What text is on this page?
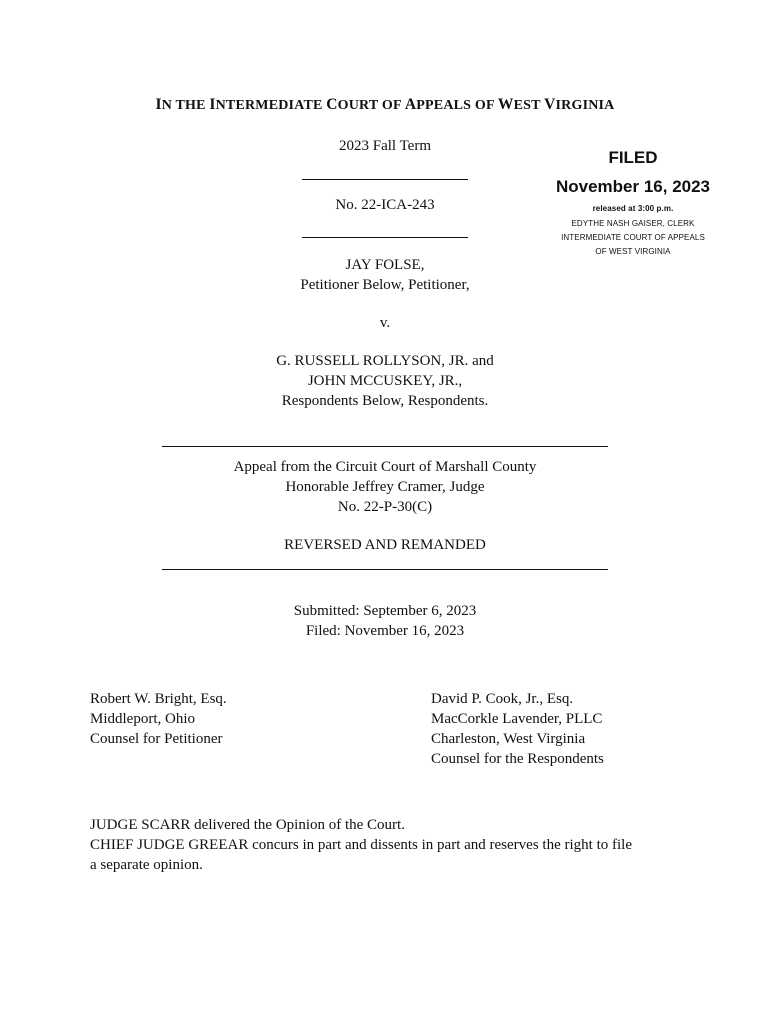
IN THE INTERMEDIATE COURT OF APPEALS OF WEST VIRGINIA
2023 Fall Term
No. 22-ICA-243
JAY FOLSE,
Petitioner Below, Petitioner,
v.
G. RUSSELL ROLLYSON, JR. and
JOHN MCCUSKEY, JR.,
Respondents Below, Respondents.
FILED
November 16, 2023
released at 3:00 p.m.
EDYTHE NASH GAISER, CLERK
INTERMEDIATE COURT OF APPEALS
OF WEST VIRGINIA
Appeal from the Circuit Court of Marshall County
Honorable Jeffrey Cramer, Judge
No. 22-P-30(C)
REVERSED AND REMANDED
Submitted: September 6, 2023
Filed: November 16, 2023
Robert W. Bright, Esq.
Middleport, Ohio
Counsel for Petitioner
David P. Cook, Jr., Esq.
MacCorkle Lavender, PLLC
Charleston, West Virginia
Counsel for the Respondents
JUDGE SCARR delivered the Opinion of the Court.
CHIEF JUDGE GREEAR concurs in part and dissents in part and reserves the right to file
a separate opinion.
